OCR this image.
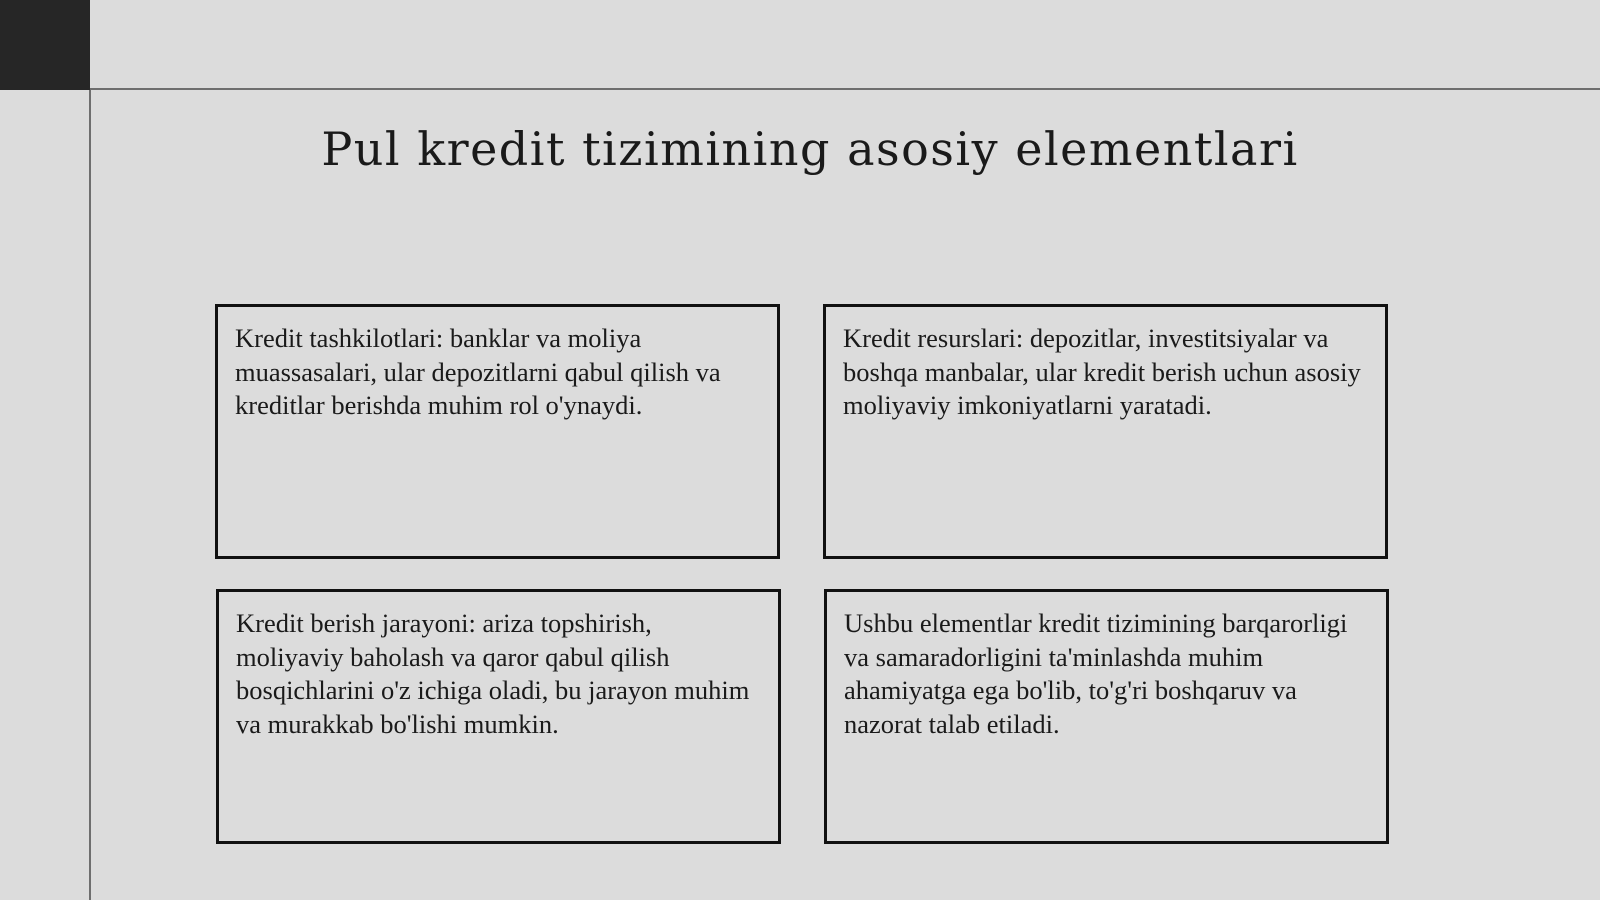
Pul kredit tizimining asosiy elementlari
Kredit tashkilotlari: banklar va moliya muassasalari, ular depozitlarni qabul qilish va kreditlar berishda muhim rol o'ynaydi.
Kredit resurslari: depozitlar, investitsiyalar va boshqa manbalar, ular kredit berish uchun asosiy moliyaviy imkoniyatlarni yaratadi.
Kredit berish jarayoni: ariza topshirish, moliyaviy baholash va qaror qabul qilish bosqichlarini o'z ichiga oladi, bu jarayon muhim va murakkab bo'lishi mumkin.
Ushbu elementlar kredit tizimining barqarorligi va samaradorligini ta'minlashda muhim ahamiyatga ega bo'lib, to'g'ri boshqaruv va nazorat talab etiladi.
